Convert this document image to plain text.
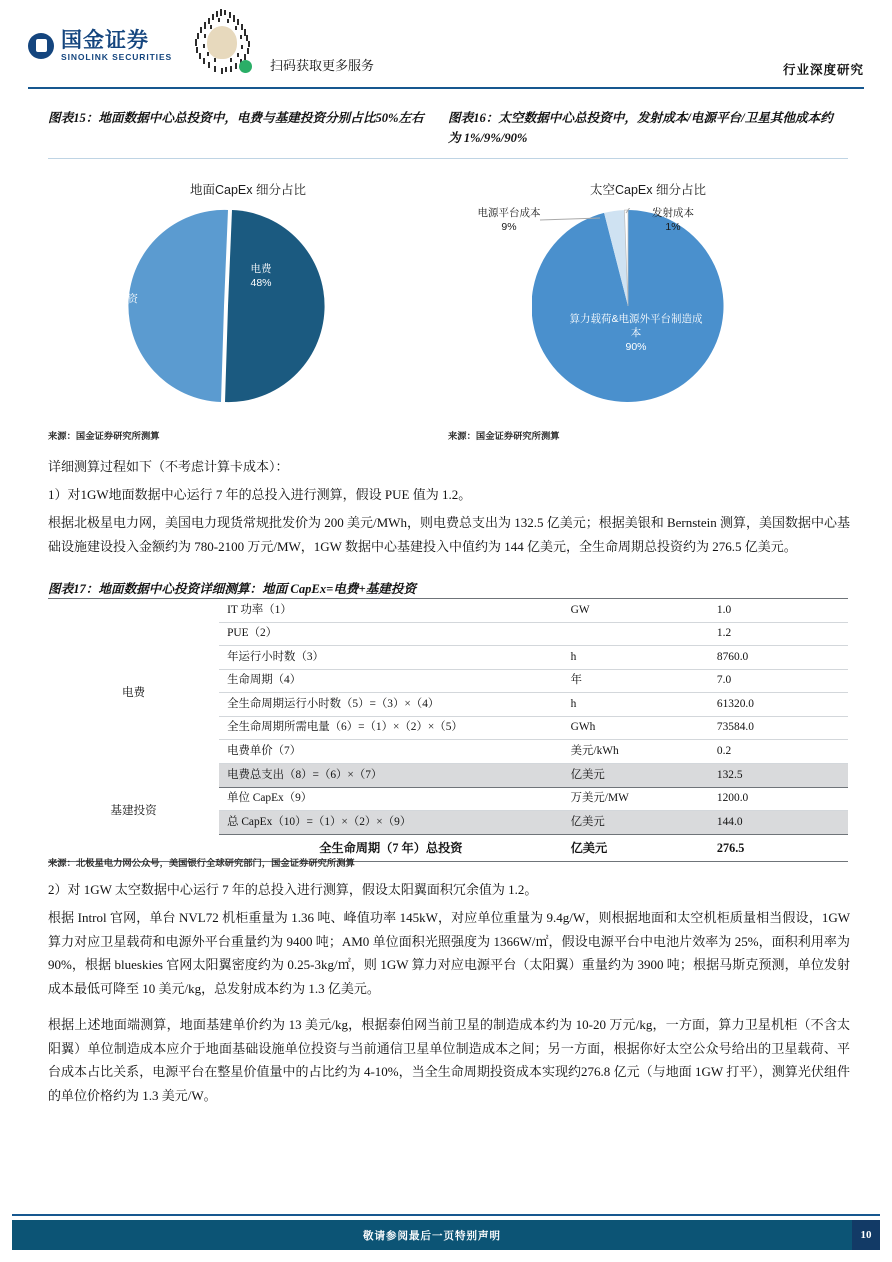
国金证券
SINOLINK SECURITIES
扫码获取更多服务	行业深度研究
图表15：地面数据中心总投资中，电费与基建投资分别占比50%左右	图表16：太空数据中心总投资中，发射成本/电源平台/卫星其他成本约为 1%/9%/90%
地面CapEx 细分占比
电费
48%
基建投资
52%
太空CapEx 细分占比
电源平台成本
9%
发射成本
1%
算力载荷&电源外平台制造成本
90%
来源：国金证券研究所测算	来源：国金证券研究所测算
详细测算过程如下（不考虑计算卡成本）：
1）对1GW地面数据中心运行 7 年的总投入进行测算，假设 PUE 值为 1.2。
根据北极星电力网，美国电力现货常规批发价为 200 美元/MWh，则电费总支出为 132.5 亿美元；根据美银和 Bernstein 测算，美国数据中心基础设施建设投入金额约为 780-2100 万元/MW，1GW 数据中心基建投入中值约为 144 亿美元，全生命周期总投资约为 276.5 亿美元。
图表17：地面数据中心投资详细测算：地面 CapEx=电费+基建投资
电费	IT 功率（1）	GW	1.0
	PUE（2）		1.2
	年运行小时数（3）	h	8760.0
	生命周期（4）	年	7.0
	全生命周期运行小时数（5）=（3）×（4）	h	61320.0
	全生命周期所需电量（6）=（1）×（2）×（5）	GWh	73584.0
	电费单价（7）	美元/kWh	0.2
	电费总支出（8）=（6）×（7）	亿美元	132.5
基建投资	单位 CapEx（9）	万美元/MW	1200.0
	总 CapEx（10）=（1）×（2）×（9）	亿美元	144.0
	全生命周期（7 年）总投资	亿美元	276.5
来源：北极星电力网公众号，美国银行全球研究部门，国金证券研究所测算
2）对 1GW 太空数据中心运行 7 年的总投入进行测算，假设太阳翼面积冗余值为 1.2。
根据 Introl 官网，单台 NVL72 机柜重量为 1.36 吨、峰值功率 145kW，对应单位重量为 9.4g/W，则根据地面和太空机柜质量相当假设，1GW 算力对应卫星载荷和电源外平台重量约为 9400 吨；AM0 单位面积光照强度为 1366W/㎡，假设电源平台中电池片效率为 25%，面积利用率为 90%，根据 blueskies 官网太阳翼密度约为 0.25-3kg/㎡，则 1GW 算力对应电源平台（太阳翼）重量约为 3900 吨；根据马斯克预测，单位发射成本最低可降至 10 美元/kg，总发射成本约为 1.3 亿美元。
根据上述地面端测算，地面基建单价约为 13 美元/kg，根据泰伯网当前卫星的制造成本约为 10-20 万元/kg，一方面，算力卫星机柜（不含太阳翼）单位制造成本应介于地面基础设施单位投资与当前通信卫星单位制造成本之间；另一方面，根据你好太空公众号给出的卫星载荷、平台成本占比关系，电源平台在整星价值量中的占比约为 4-10%，当全生命周期投资成本实现约276.8 亿元（与地面 1GW 打平），测算光伏组件的单位价格约为 1.3 美元/W。
敬请参阅最后一页特别声明	10
